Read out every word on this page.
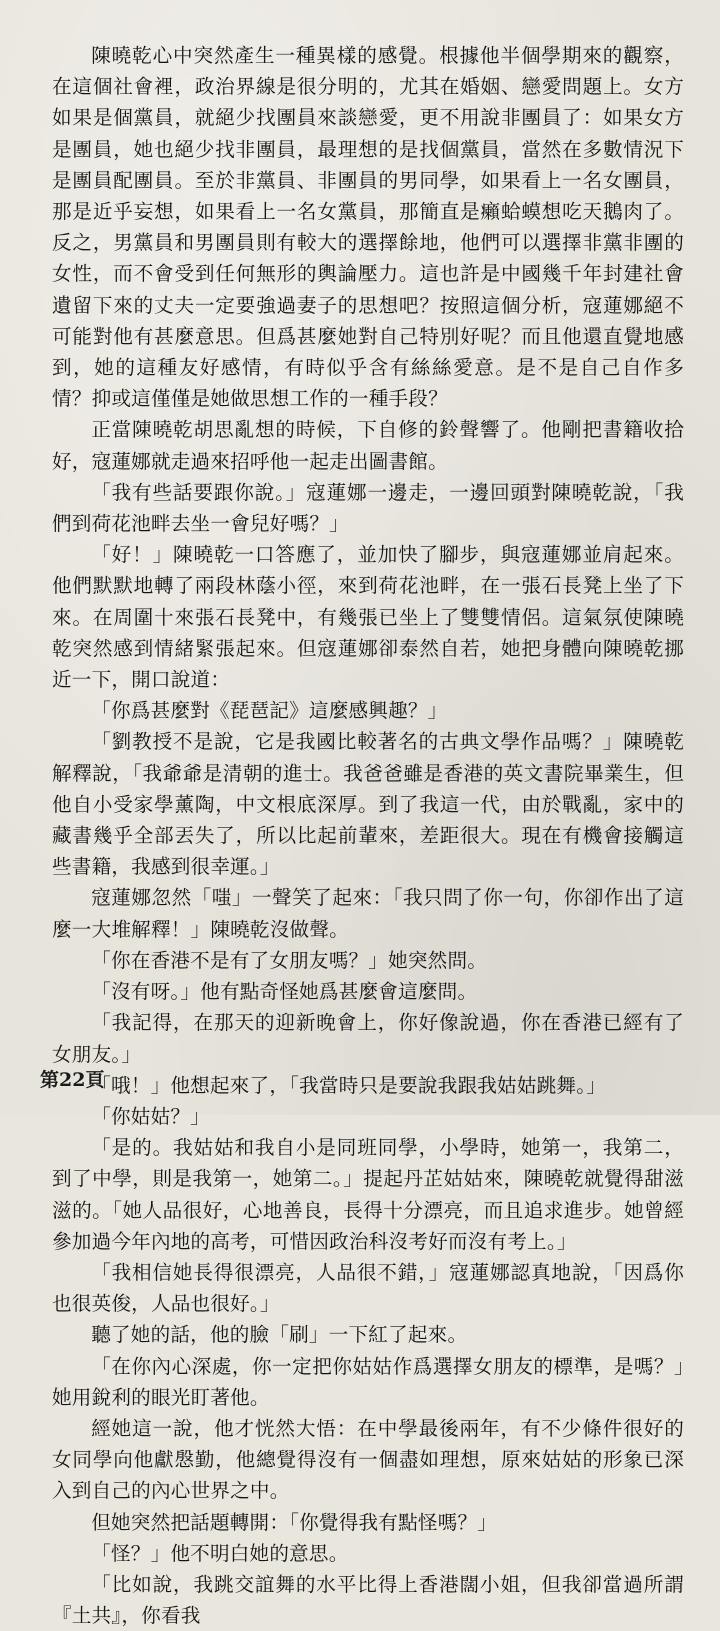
陳曉乾心中突然產生一種異樣的感覺。根據他半個學期來的觀察，在這個社會裡，政治界線是很分明的，尤其在婚姻、戀愛問題上。女方如果是個黨員，就絕少找團員來談戀愛，更不用說非團員了：如果女方是團員，她也絕少找非團員，最理想的是找個黨員，當然在多數情況下是團員配團員。至於非黨員、非團員的男同學，如果看上一名女團員，那是近乎妄想，如果看上一名女黨員，那簡直是癩蛤蟆想吃天鵝肉了。反之，男黨員和男團員則有較大的選擇餘地，他們可以選擇非黨非團的女性，而不會受到任何無形的輿論壓力。這也許是中國幾千年封建社會遺留下來的丈夫一定要強過妻子的思想吧？按照這個分析，寇蓮娜絕不可能對他有甚麼意思。但爲甚麼她對自己特別好呢？而且他還直覺地感到，她的這種友好感情，有時似乎含有絲絲愛意。是不是自己自作多情？抑或這僅僅是她做思想工作的一種手段？

正當陳曉乾胡思亂想的時候，下自修的鈴聲響了。他剛把書籍收拾好，寇蓮娜就走過來招呼他一起走出圖書館。

「我有些話要跟你說。」寇蓮娜一邊走，一邊回頭對陳曉乾說，「我們到荷花池畔去坐一會兒好嗎？」

「好！」陳曉乾一口答應了，並加快了腳步，與寇蓮娜並肩起來。他們默默地轉了兩段林蔭小徑，來到荷花池畔，在一張石長凳上坐了下來。在周圍十來張石長凳中，有幾張已坐上了雙雙情侶。這氣氛使陳曉乾突然感到情緒緊張起來。但寇蓮娜卻泰然自若，她把身體向陳曉乾挪近一下，開口說道：

「你爲甚麼對《琵琶記》這麼感興趣？」

「劉教授不是說，它是我國比較著名的古典文學作品嗎？」陳曉乾解釋說，「我爺爺是清朝的進士。我爸爸雖是香港的英文書院畢業生，但他自小受家學薰陶，中文根底深厚。到了我這一代，由於戰亂，家中的藏書幾乎全部丟失了，所以比起前輩來，差距很大。現在有機會接觸這些書籍，我感到很幸運。」

寇蓮娜忽然「嗤」一聲笑了起來：「我只問了你一句，你卻作出了這麼一大堆解釋！」陳曉乾沒做聲。

「你在香港不是有了女朋友嗎？」她突然問。

「沒有呀。」他有點奇怪她爲甚麼會這麼問。

「我記得，在那天的迎新晚會上，你好像說過，你在香港已經有了女朋友。」

「哦！」他想起來了，「我當時只是要說我跟我姑姑跳舞。」

「你姑姑？」

「是的。我姑姑和我自小是同班同學，小學時，她第一，我第二，到了中學，則是我第一，她第二。」提起丹芷姑姑來，陳曉乾就覺得甜滋滋的。「她人品很好，心地善良，長得十分漂亮，而且追求進步。她曾經參加過今年內地的高考，可惜因政治科沒考好而沒有考上。」

「我相信她長得很漂亮，人品很不錯，」寇蓮娜認真地說，「因爲你也很英俊，人品也很好。」

聽了她的話，他的臉「刷」一下紅了起來。

「在你內心深處，你一定把你姑姑作爲選擇女朋友的標準，是嗎？」她用銳利的眼光盯著他。

經她這一說，他才恍然大悟：在中學最後兩年，有不少條件很好的女同學向他獻慇勤，他總覺得沒有一個盡如理想，原來姑姑的形象已深入到自己的內心世界之中。

但她突然把話題轉開：「你覺得我有點怪嗎？」

「怪？」他不明白她的意思。

「比如說，我跳交誼舞的水平比得上香港闊小姐，但我卻當過所謂『土共』，你看我

第22頁
